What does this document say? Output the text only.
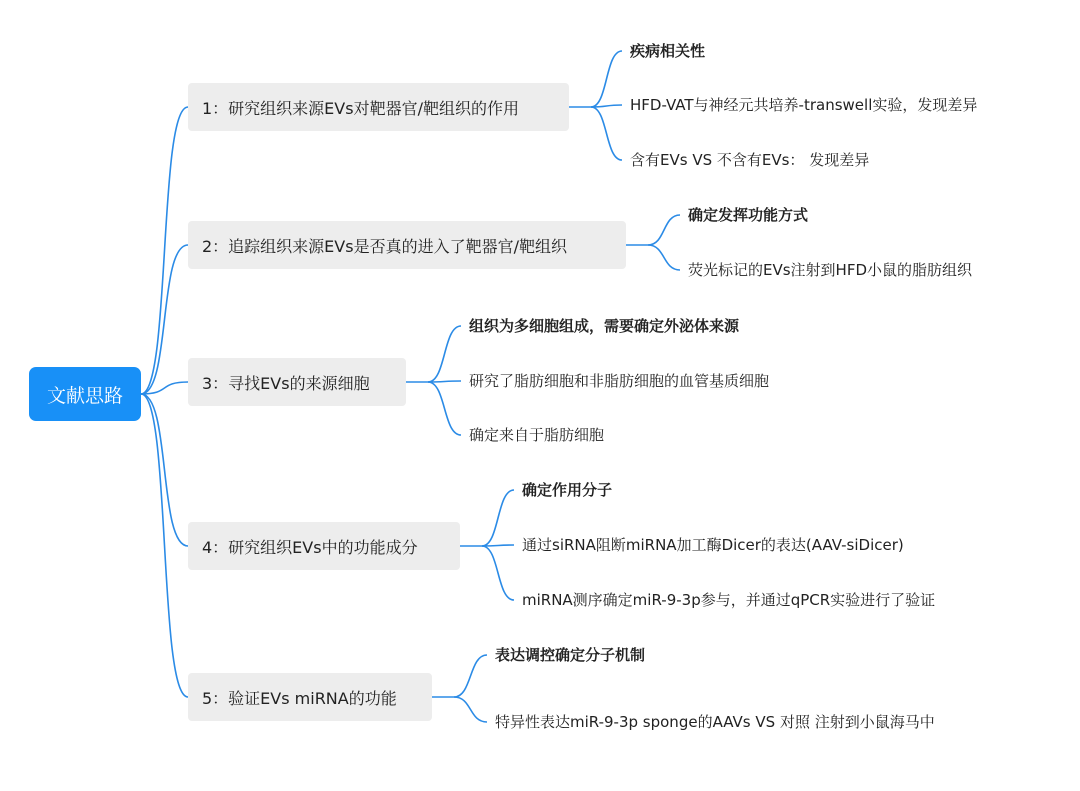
文献思路
1：研究组织来源EVs对靶器官/靶组织的作用
疾病相关性
HFD-VAT与神经元共培养-transwell实验，发现差异
含有EVs VS 不含有EVs： 发现差异
2：追踪组织来源EVs是否真的进入了靶器官/靶组织
确定发挥功能方式
荧光标记的EVs注射到HFD小鼠的脂肪组织
3：寻找EVs的来源细胞
组织为多细胞组成，需要确定外泌体来源
研究了脂肪细胞和非脂肪细胞的血管基质细胞
确定来自于脂肪细胞
4：研究组织EVs中的功能成分
确定作用分子
通过siRNA阻断miRNA加工酶Dicer的表达(AAV-siDicer)
miRNA测序确定miR-9-3p参与，并通过qPCR实验进行了验证
5：验证EVs miRNA的功能
表达调控确定分子机制
特异性表达miR-9-3p sponge的AAVs VS 对照 注射到小鼠海马中
